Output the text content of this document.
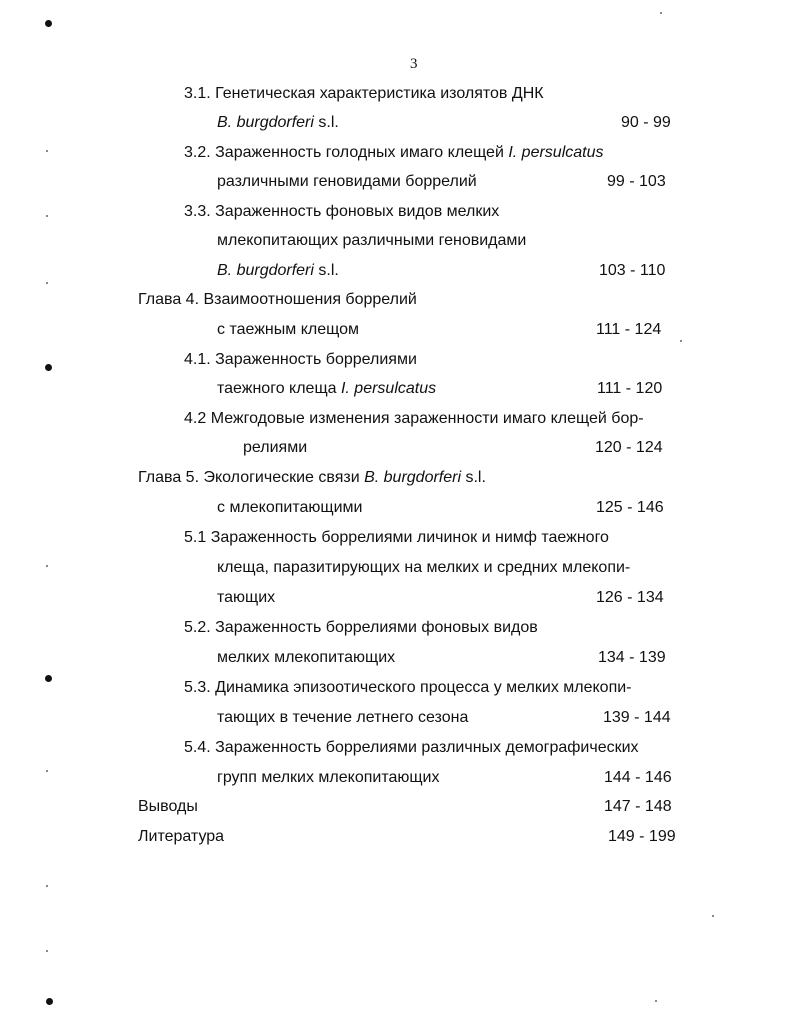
3
3.1. Генетическая характеристика изолятов ДНК
B. burgdorferi s.l.	90 - 99
3.2. Зараженность голодных имаго клещей I. persulcatus
различными геновидами боррелий	99 - 103
3.3. Зараженность фоновых видов мелких
млекопитающих различными геновидами
B. burgdorferi s.l.	103 - 110
Глава 4. Взаимоотношения боррелий
с таежным клещом	111 - 124
4.1. Зараженность боррелиями
таежного клеща I. persulcatus	111 - 120
4.2 Межгодовые изменения зараженности имаго клещей бор-
релиями	120 - 124
Глава 5. Экологические связи B. burgdorferi s.l.
с млекопитающими	125 - 146
5.1 Зараженность боррелиями личинок и нимф таежного
клеща, паразитирующих на мелких и средних млекопи-
тающих	126 - 134
5.2. Зараженность боррелиями фоновых видов
мелких млекопитающих	134 - 139
5.3. Динамика эпизоотического процесса у мелких млекопи-
тающих в течение летнего сезона	139 - 144
5.4. Зараженность боррелиями различных демографических
групп мелких млекопитающих	144 - 146
Выводы	147 - 148
Литература	149 - 199
